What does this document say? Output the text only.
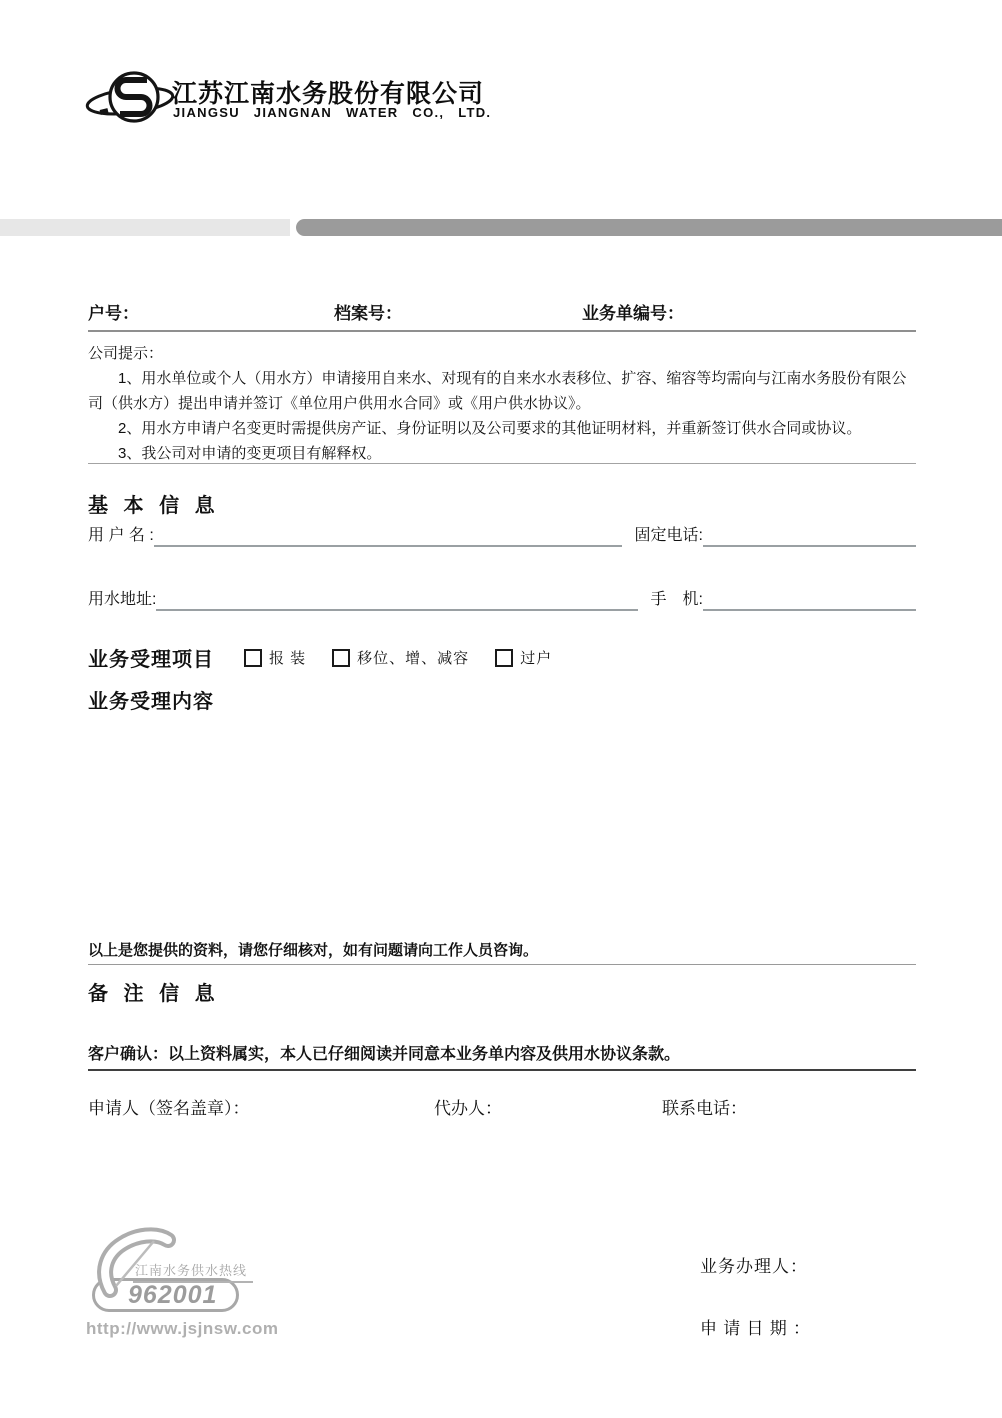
江苏江南水务股份有限公司
JIANGSU JIANGNAN WATER CO., LTD.
户号：	档案号：	业务单编号：

公司提示：

1、用水单位或个人（用水方）申请接用自来水、对现有的自来水水表移位、扩容、缩容等均需向与江南水务股份有限公司（供水方）提出申请并签订《单位用户供用水合同》或《用户供水协议》。

2、用水方申请户名变更时需提供房产证、身份证明以及公司要求的其他证明材料，并重新签订供水合同或协议。

3、我公司对申请的变更项目有解释权。

基 本 信 息
用 户 名 :	固定电话:
用水地址:	手　机:
业务受理项目	报 装	移位、增、减容	过户
业务受理内容
以上是您提供的资料，请您仔细核对，如有问题请向工作人员咨询。
备 注 信 息
客户确认：以上资料属实，本人已仔细阅读并同意本业务单内容及供用水协议条款。
申请人（签名盖章）：	代办人：	联系电话：
962001
江南水务供水热线
http://www.jsjnsw.com
业务办理人：
申 请 日 期 ：
